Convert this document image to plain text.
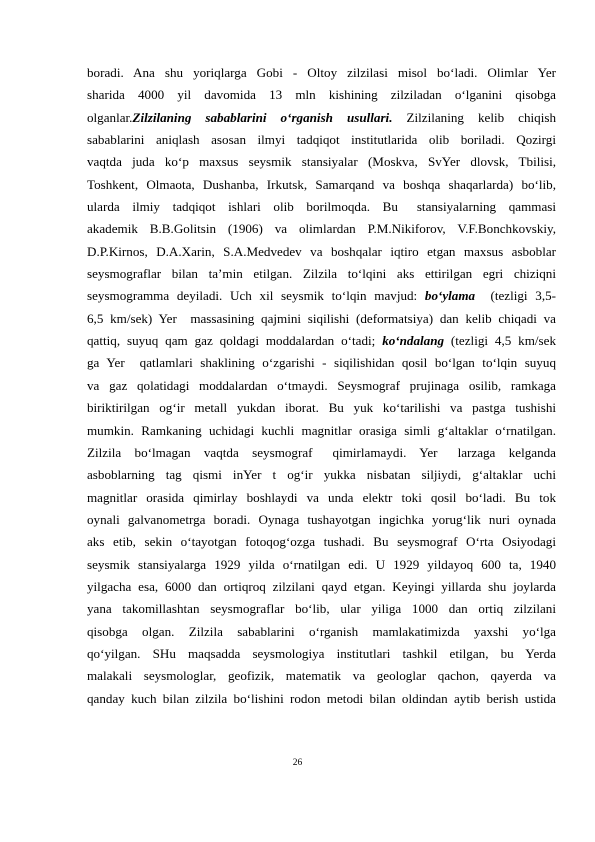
boradi.  Ana  shu  yoriqlarga  Gobi  -  Oltoy  zilzilasi  misol  bo‘ladi.  Olimlar  Yer
sharida  4000  yil  davomida  13  mln  kishining  zilziladan  o‘lganini  qisobga
olganlar.Zilzilaning  sabablarini  o‘rganish  usullari.  Zilzilaning  kelib  chiqish
sabablarini  aniqlash  asosan  ilmyi  tadqiqot  institutlarida  olib  boriladi.  Qozirgi
vaqtda  juda  ko‘p  maxsus  seysmik  stansiyalar  (Moskva,  SvYer  dlovsk,  Tbilisi,
Toshkent, Olmaota, Dushanba, Irkutsk, Samarqand va boshqa shaqarlarda) bo‘lib,
ularda  ilmiy  tadqiqot  ishlari  olib  borilmoqda.  Bu   stansiyalarning  qammasi
akademik  B.B.Golitsin  (1906)  va  olimlardan  P.M.Nikiforov,  V.F.Bonchkovskiy,
D.P.Kirnos, D.A.Xarin, S.A.Medvedev va boshqalar iqtiro etgan maxsus asboblar
seysmograflar  bilan  ta’min  etilgan.  Zilzila  to‘lqini  aks  ettirilgan  egri  chiziqni
seysmogramma deyiladi. Uch xil seysmik to‘lqin mavjud: bo‘ylama  (tezligi 3,5-
6,5 km/sek) Yer  massasining qajmini siqilishi (deformatsiya) dan kelib chiqadi va
qattiq, suyuq qam gaz qoldagi moddalardan o‘tadi; ko‘ndalang (tezligi 4,5 km/sek
ga Yer  qatlamlari shaklining o‘zgarishi - siqilishidan qosil bo‘lgan to‘lqin suyuq
va  gaz  qolatidagi  moddalardan  o‘tmaydi.  Seysmograf  prujinaga  osilib,  ramkaga
biriktirilgan  og‘ir  metall  yukdan  iborat.  Bu  yuk  ko‘tarilishi  va  pastga  tushishi
mumkin. Ramkaning uchidagi kuchli magnitlar orasiga simli g‘altaklar o‘rnatilgan.
Zilzila  bo‘lmagan  vaqtda  seysmograf   qimirlamaydi.  Yer   larzaga  kelganda
asboblarning  tag  qismi  inYer  t  og‘ir  yukka  nisbatan  siljiydi,  g‘altaklar  uchi
magnitlar  orasida  qimirlay  boshlaydi  va  unda  elektr  toki  qosil  bo‘ladi.  Bu  tok
oynali galvanometrga boradi. Oynaga tushayotgan ingichka yorug‘lik nuri oynada
aks  etib,  sekin  o‘tayotgan  fotoqog‘ozga  tushadi.  Bu  seysmograf  O‘rta  Osiyodagi
seysmik  stansiyalarga  1929  yilda  o‘rnatilgan  edi.  U  1929  yildayoq  600  ta,  1940
yilgacha esa, 6000 dan ortiqroq zilzilani qayd etgan. Keyingi yillarda shu joylarda
yana  takomillashtan  seysmograflar  bo‘lib,  ular  yiliga  1000  dan  ortiq  zilzilani
qisobga  olgan.  Zilzila  sabablarini  o‘rganish  mamlakatimizda  yaxshi  yo‘lga
qo‘yilgan.  SHu  maqsadda  seysmologiya  institutlari  tashkil  etilgan,  bu  Yerda
malakali  seysmologlar,  geofizik,  matematik  va  geologlar  qachon,  qayerda  va
qanday kuch bilan zilzila bo‘lishini rodon metodi bilan oldindan aytib berish ustida
26
